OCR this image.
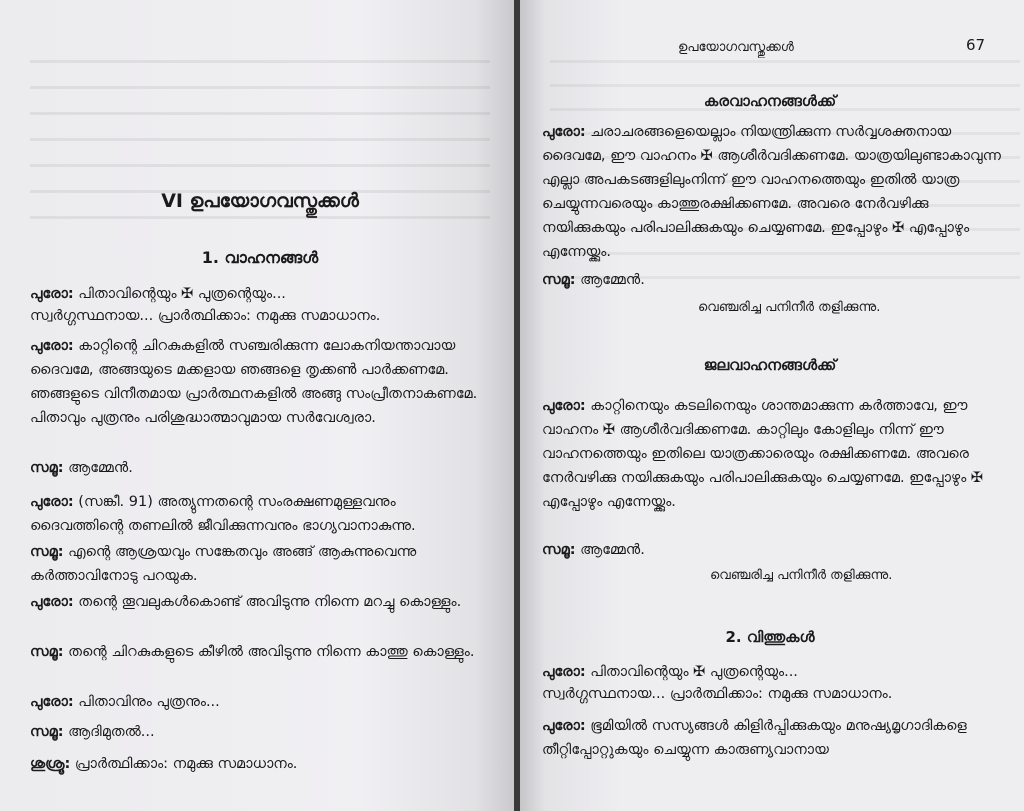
VI ഉപയോഗവസ്തുക്കൾ
1. വാഹനങ്ങൾ
പുരോ: പിതാവിന്റെയും ✠ പുത്രന്റെയും...
സ്വർഗ്ഗസ്ഥനായ... പ്രാർത്ഥിക്കാം: നമുക്കു സമാധാനം.
പുരോ: കാറ്റിന്റെ ചിറകുകളിൽ സഞ്ചരിക്കുന്ന ലോകനിയന്താവായ ദൈവമേ, അങ്ങയുടെ മക്കളായ ഞങ്ങളെ തൃക്കൺ പാർക്കണമേ. ഞങ്ങളുടെ വിനീതമായ പ്രാർത്ഥനകളിൽ അങ്ങു സംപ്രീതനാകണമേ. പിതാവും പുത്രനും പരിശുദ്ധാത്മാവുമായ സർവേശ്വരാ.
സമൂ: ആമ്മേൻ.
പുരോ: (സങ്കീ. 91) അത്യുന്നതന്റെ സംരക്ഷണമുള്ളവനും ദൈവത്തിന്റെ തണലിൽ ജീവിക്കുന്നവനും ഭാഗ്യവാനാകുന്നു.
സമൂ: എന്റെ ആശ്രയവും സങ്കേതവും അങ്ങ് ആകുന്നുവെന്നു കർത്താവിനോടു പറയുക.
പുരോ: തന്റെ തൂവലുകൾകൊണ്ട് അവിടുന്നു നിന്നെ മറച്ചു കൊള്ളും.
സമൂ: തന്റെ ചിറകുകളുടെ കീഴിൽ അവിടുന്നു നിന്നെ കാത്തു കൊള്ളും.
പുരോ: പിതാവിനും പുത്രനും...
സമൂ: ആദിമുതൽ...
ശുശ്രൂ: പ്രാർത്ഥിക്കാം: നമുക്കു സമാധാനം.
ഉപയോഗവസ്തുക്കൾ	67
കരവാഹനങ്ങൾക്ക്
പുരോ: ചരാചരങ്ങളെയെല്ലാം നിയന്ത്രിക്കുന്ന സർവ്വശക്തനായ ദൈവമേ, ഈ വാഹനം ✠ ആശീർവദിക്കണമേ. യാത്രയിലുണ്ടാകാവുന്ന എല്ലാ അപകടങ്ങളിലുംനിന്ന് ഈ വാഹനത്തെയും ഇതിൽ യാത്ര ചെയ്യുന്നവരെയും കാത്തുരക്ഷിക്കണമേ. അവരെ നേർവഴിക്കു നയിക്കുകയും പരിപാലിക്കുകയും ചെയ്യണമേ. ഇപ്പോഴും ✠ എപ്പോഴും എന്നേയ്ക്കും.
സമൂ: ആമ്മേൻ.
വെഞ്ചരിച്ച പനിനീർ തളിക്കുന്നു.
ജലവാഹനങ്ങൾക്ക്
പുരോ: കാറ്റിനെയും കടലിനെയും ശാന്തമാക്കുന്ന കർത്താവേ, ഈ വാഹനം ✠ ആശീർവദിക്കണമേ. കാറ്റിലും കോളിലും നിന്ന് ഈ വാഹനത്തെയും ഇതിലെ യാത്രക്കാരെയും രക്ഷിക്കണമേ. അവരെ നേർവഴിക്കു നയിക്കുകയും പരിപാലിക്കുകയും ചെയ്യണമേ. ഇപ്പോഴും ✠ എപ്പോഴും എന്നേയ്ക്കും.
സമൂ: ആമ്മേൻ.
വെഞ്ചരിച്ച പനിനീർ തളിക്കുന്നു.
2. വിത്തുകൾ
പുരോ: പിതാവിന്റെയും ✠ പുത്രന്റെയും...
സ്വർഗ്ഗസ്ഥനായ... പ്രാർത്ഥിക്കാം: നമുക്കു സമാധാനം.
പുരോ: ഭൂമിയിൽ സസ്യങ്ങൾ കിളിർപ്പിക്കുകയും മനുഷ്യമൃഗാദികളെ തീറ്റിപ്പോറ്റുകയും ചെയ്യുന്ന കാരുണ്യവാനായ
